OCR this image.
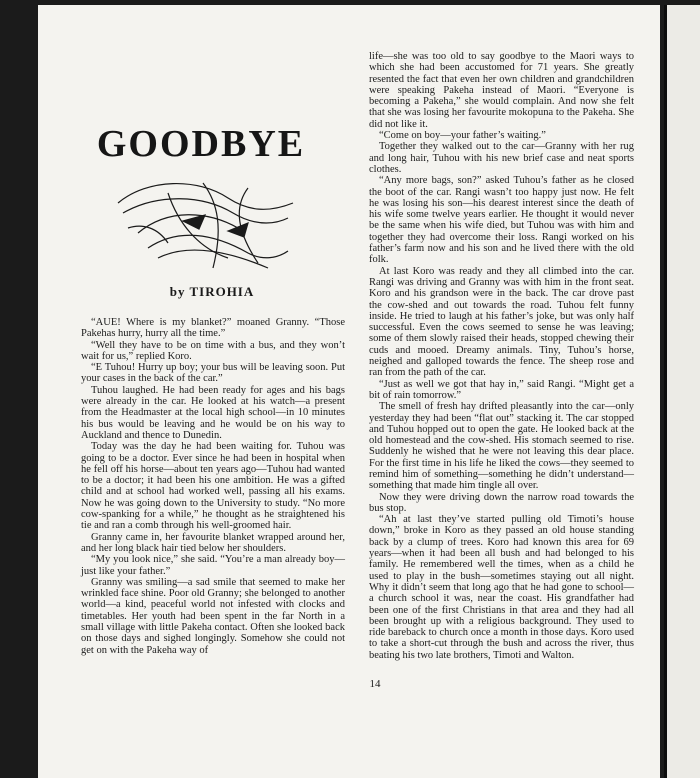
GOODBYE
by TIROHIA

“AUE! Where is my blanket?” moaned Granny. “Those Pakehas hurry, hurry all the time.”

“Well they have to be on time with a bus, and they won’t wait for us,” replied Koro.

“E Tuhou! Hurry up boy; your bus will be leaving soon. Put your cases in the back of the car.”

Tuhou laughed. He had been ready for ages and his bags were already in the car. He looked at his watch—a present from the Headmaster at the local high school—in 10 minutes his bus would be leaving and he would be on his way to Auckland and thence to Dunedin.

Today was the day he had been waiting for. Tuhou was going to be a doctor. Ever since he had been in hospital when he fell off his horse—about ten years ago—Tuhou had wanted to be a doctor; it had been his one ambition. He was a gifted child and at school had worked well, passing all his exams. Now he was going down to the University to study. “No more cow-spanking for a while,” he thought as he straightened his tie and ran a comb through his well-groomed hair.

Granny came in, her favourite blanket wrapped around her, and her long black hair tied below her shoulders.

“My you look nice,” she said. “You’re a man already boy—just like your father.”

Granny was smiling—a sad smile that seemed to make her wrinkled face shine. Poor old Granny; she belonged to another world—a kind, peaceful world not infested with clocks and timetables. Her youth had been spent in the far North in a small village with little Pakeha contact. Often she looked back on those days and sighed longingly. Somehow she could not get on with the Pakeha way of

life—she was too old to say goodbye to the Maori ways to which she had been accustomed for 71 years. She greatly resented the fact that even her own children and grandchildren were speaking Pakeha instead of Maori. “Everyone is becoming a Pakeha,” she would complain. And now she felt that she was losing her favourite mokopuna to the Pakeha. She did not like it.

“Come on boy—your father’s waiting.”

Together they walked out to the car—Granny with her rug and long hair, Tuhou with his new brief case and neat sports clothes.

“Any more bags, son?” asked Tuhou’s father as he closed the boot of the car. Rangi wasn’t too happy just now. He felt he was losing his son—his dearest interest since the death of his wife some twelve years earlier. He thought it would never be the same when his wife died, but Tuhou was with him and together they had overcome their loss. Rangi worked on his father’s farm now and his son and he lived there with the old folk.

At last Koro was ready and they all climbed into the car. Rangi was driving and Granny was with him in the front seat. Koro and his grandson were in the back. The car drove past the cow-shed and out towards the road. Tuhou felt funny inside. He tried to laugh at his father’s joke, but was only half successful. Even the cows seemed to sense he was leaving; some of them slowly raised their heads, stopped chewing their cuds and mooed. Dreamy animals. Tiny, Tuhou’s horse, neighed and galloped towards the fence. The sheep rose and ran from the path of the car.

“Just as well we got that hay in,” said Rangi. “Might get a bit of rain tomorrow.”

The smell of fresh hay drifted pleasantly into the car—only yesterday they had been “flat out” stacking it. The car stopped and Tuhou hopped out to open the gate. He looked back at the old homestead and the cow-shed. His stomach seemed to rise. Suddenly he wished that he were not leaving this dear place. For the first time in his life he liked the cows—they seemed to remind him of something—something he didn’t understand—something that made him tingle all over.

Now they were driving down the narrow road towards the bus stop.

“Ah at last they’ve started pulling old Timoti’s house down,” broke in Koro as they passed an old house standing back by a clump of trees. Koro had known this area for 69 years—when it had been all bush and had belonged to his family. He remembered well the times, when as a child he used to play in the bush—sometimes staying out all night. Why it didn’t seem that long ago that he had gone to school—a church school it was, near the coast. His grandfather had been one of the first Christians in that area and they had all been brought up with a religious background. They used to ride bareback to church once a month in those days. Koro used to take a short-cut through the bush and across the river, thus beating his two late brothers, Timoti and Walton.

14
